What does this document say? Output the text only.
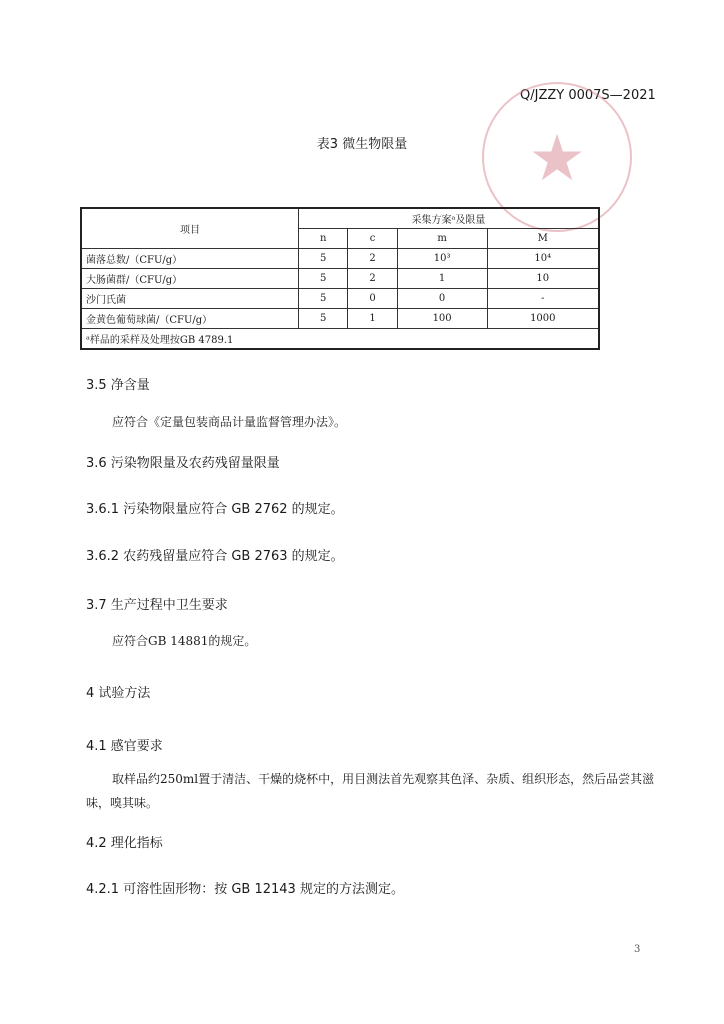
Q/JZZY 0007S—2021
★
表3 微生物限量
项目	采集方案ᵃ及限量			
	n	c	m	M
菌落总数/（CFU/g）	5	2	10³	10⁴
大肠菌群/（CFU/g）	5	2	1	10
沙门氏菌	5	0	0	-
金黄色葡萄球菌/（CFU/g）	5	1	100	1000
ᵃ样品的采样及处理按GB 4789.1				
3.5 净含量
应符合《定量包装商品计量监督管理办法》。
3.6 污染物限量及农药残留量限量
3.6.1 污染物限量应符合 GB 2762 的规定。
3.6.2 农药残留量应符合 GB 2763 的规定。
3.7 生产过程中卫生要求
应符合GB 14881的规定。
4 试验方法
4.1 感官要求
取样品约250ml置于清洁、干燥的烧杯中，用目测法首先观察其色泽、杂质、组织形态，然后品尝其滋味，嗅其味。
4.2 理化指标
4.2.1 可溶性固形物：按 GB 12143 规定的方法测定。
3
